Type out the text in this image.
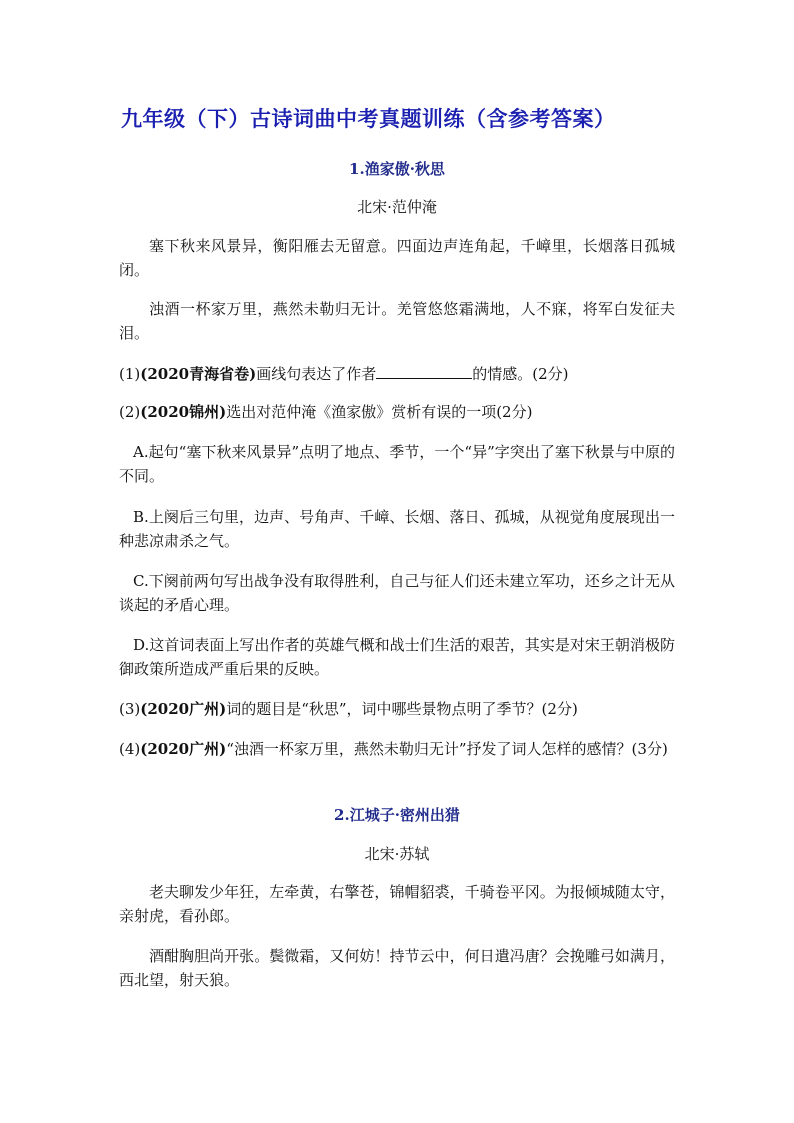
九年级（下）古诗词曲中考真题训练（含参考答案）

1.渔家傲·秋思

北宋·范仲淹

塞下秋来风景异，衡阳雁去无留意。四面边声连角起，千嶂里，长烟落日孤城闭。

浊酒一杯家万里，燕然未勒归无计。羌管悠悠霜满地，人不寐，将军白发征夫泪。

(1)(2020青海省卷)画线句表达了作者	的情感。(2分)

(2)(2020锦州)选出对范仲淹《渔家傲》赏析有误的一项(2分)

A.起句“塞下秋来风景异”点明了地点、季节，一个“异”字突出了塞下秋景与中原的不同。

B.上阕后三句里，边声、号角声、千嶂、长烟、落日、孤城，从视觉角度展现出一种悲凉肃杀之气。

C.下阕前两句写出战争没有取得胜利，自己与征人们还未建立军功，还乡之计无从谈起的矛盾心理。

D.这首词表面上写出作者的英雄气概和战士们生活的艰苦，其实是对宋王朝消极防御政策所造成严重后果的反映。

(3)(2020广州)词的题目是“秋思”，词中哪些景物点明了季节？(2分)

(4)(2020广州)“浊酒一杯家万里，燕然未勒归无计”抒发了词人怎样的感情？(3分)

2.江城子·密州出猎

北宋·苏轼

老夫聊发少年狂，左牵黄，右擎苍，锦帽貂裘，千骑卷平冈。为报倾城随太守，亲射虎，看孙郎。

酒酣胸胆尚开张。鬓微霜，又何妨！持节云中，何日遣冯唐？会挽雕弓如满月，西北望，射天狼。
